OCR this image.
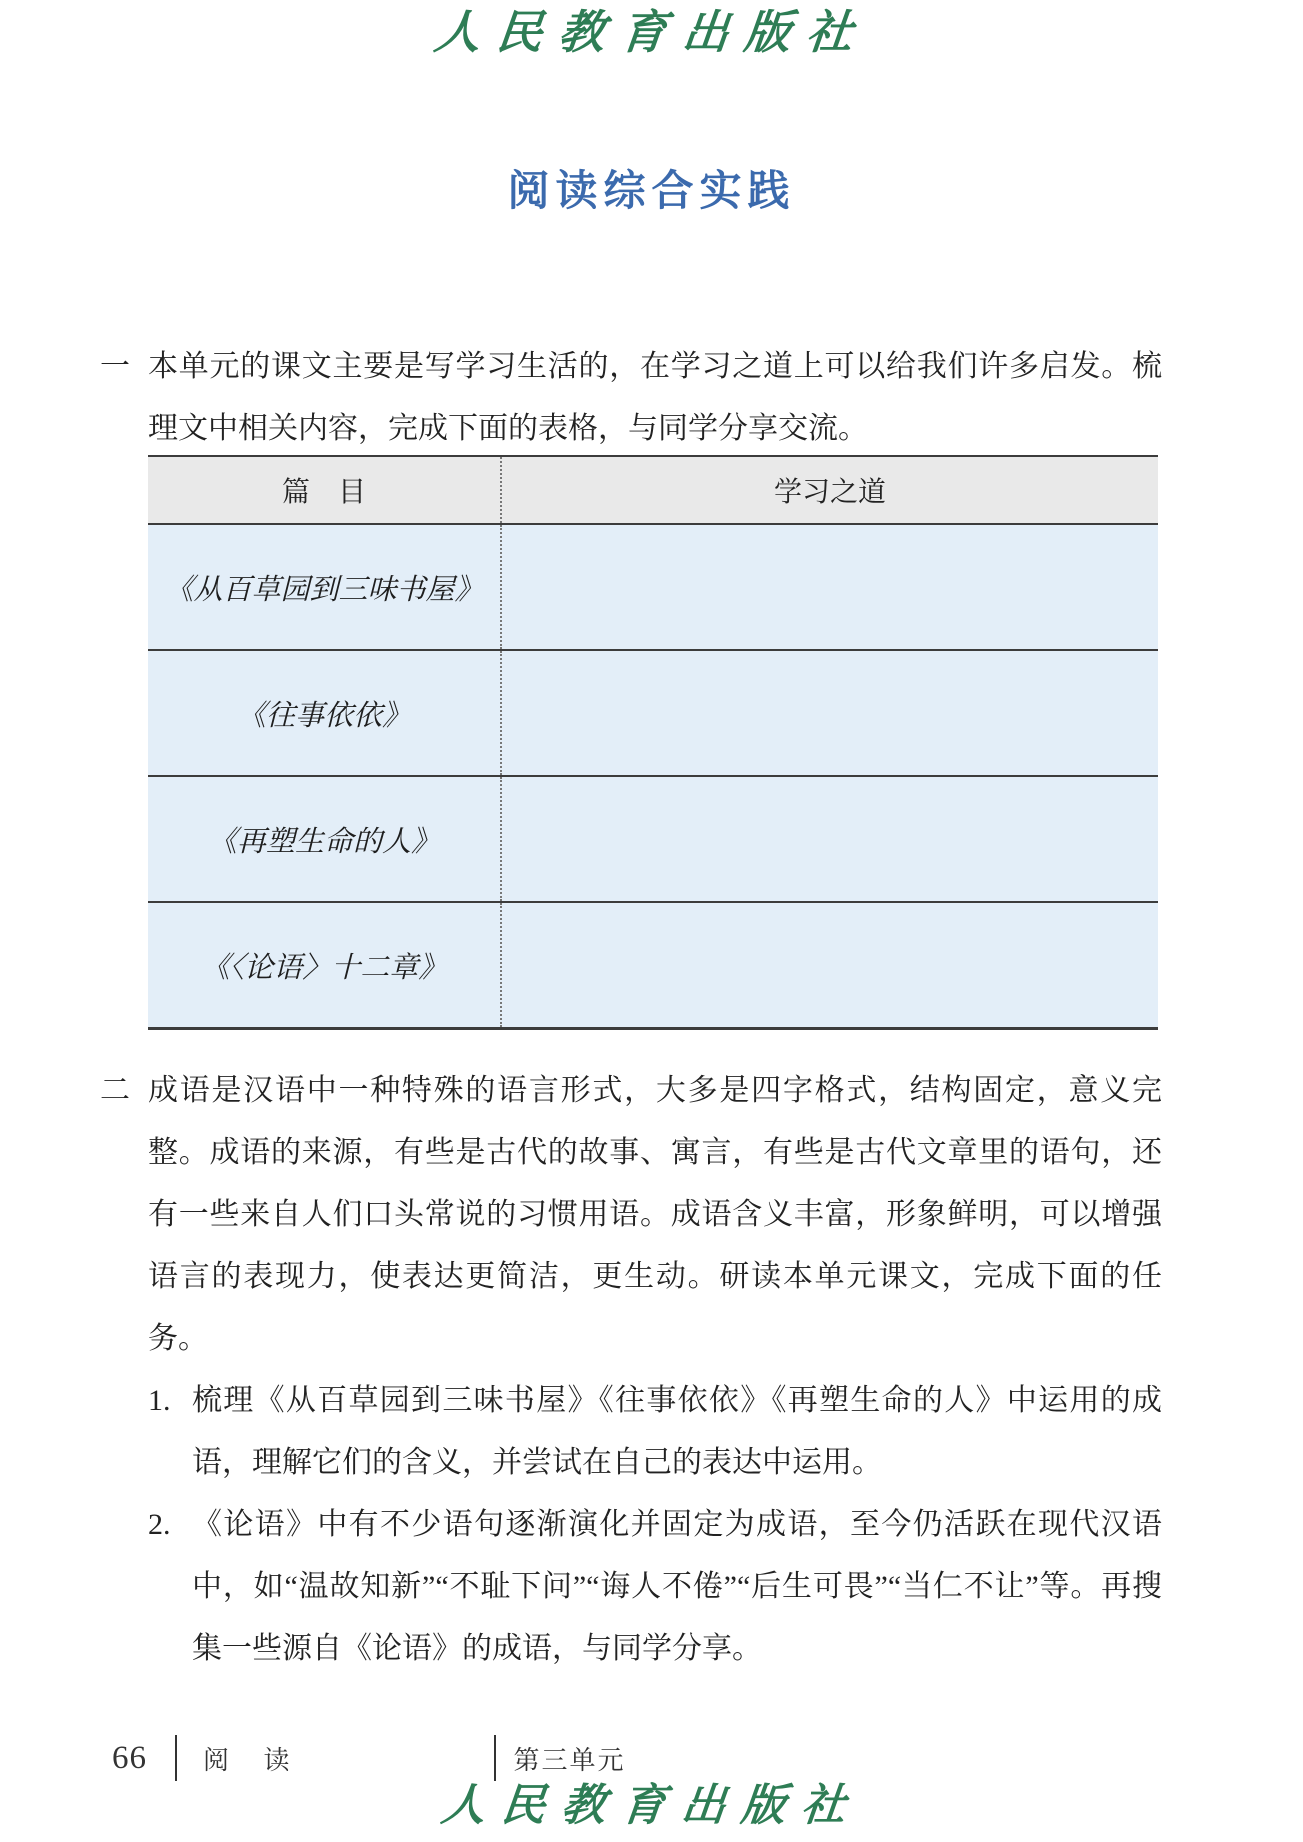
人民教育出版社
阅读综合实践
一 本单元的课文主要是写学习生活的，在学习之道上可以给我们许多启发。梳理文中相关内容，完成下面的表格，与同学分享交流。
篇　目	学习之道
《从百草园到三味书屋》
《往事依依》
《再塑生命的人》
《〈论语〉十二章》
二 成语是汉语中一种特殊的语言形式，大多是四字格式，结构固定，意义完整。成语的来源，有些是古代的故事、寓言，有些是古代文章里的语句，还有一些来自人们口头常说的习惯用语。成语含义丰富，形象鲜明，可以增强语言的表现力，使表达更简洁，更生动。研读本单元课文，完成下面的任务。
1. 梳理《从百草园到三味书屋》《往事依依》《再塑生命的人》中运用的成语，理解它们的含义，并尝试在自己的表达中运用。
2. 《论语》中有不少语句逐渐演化并固定为成语，至今仍活跃在现代汉语中，如“温故知新”“不耻下问”“诲人不倦”“后生可畏”“当仁不让”等。再搜集一些源自《论语》的成语，与同学分享。
66 阅 读	第三单元
人民教育出版社
